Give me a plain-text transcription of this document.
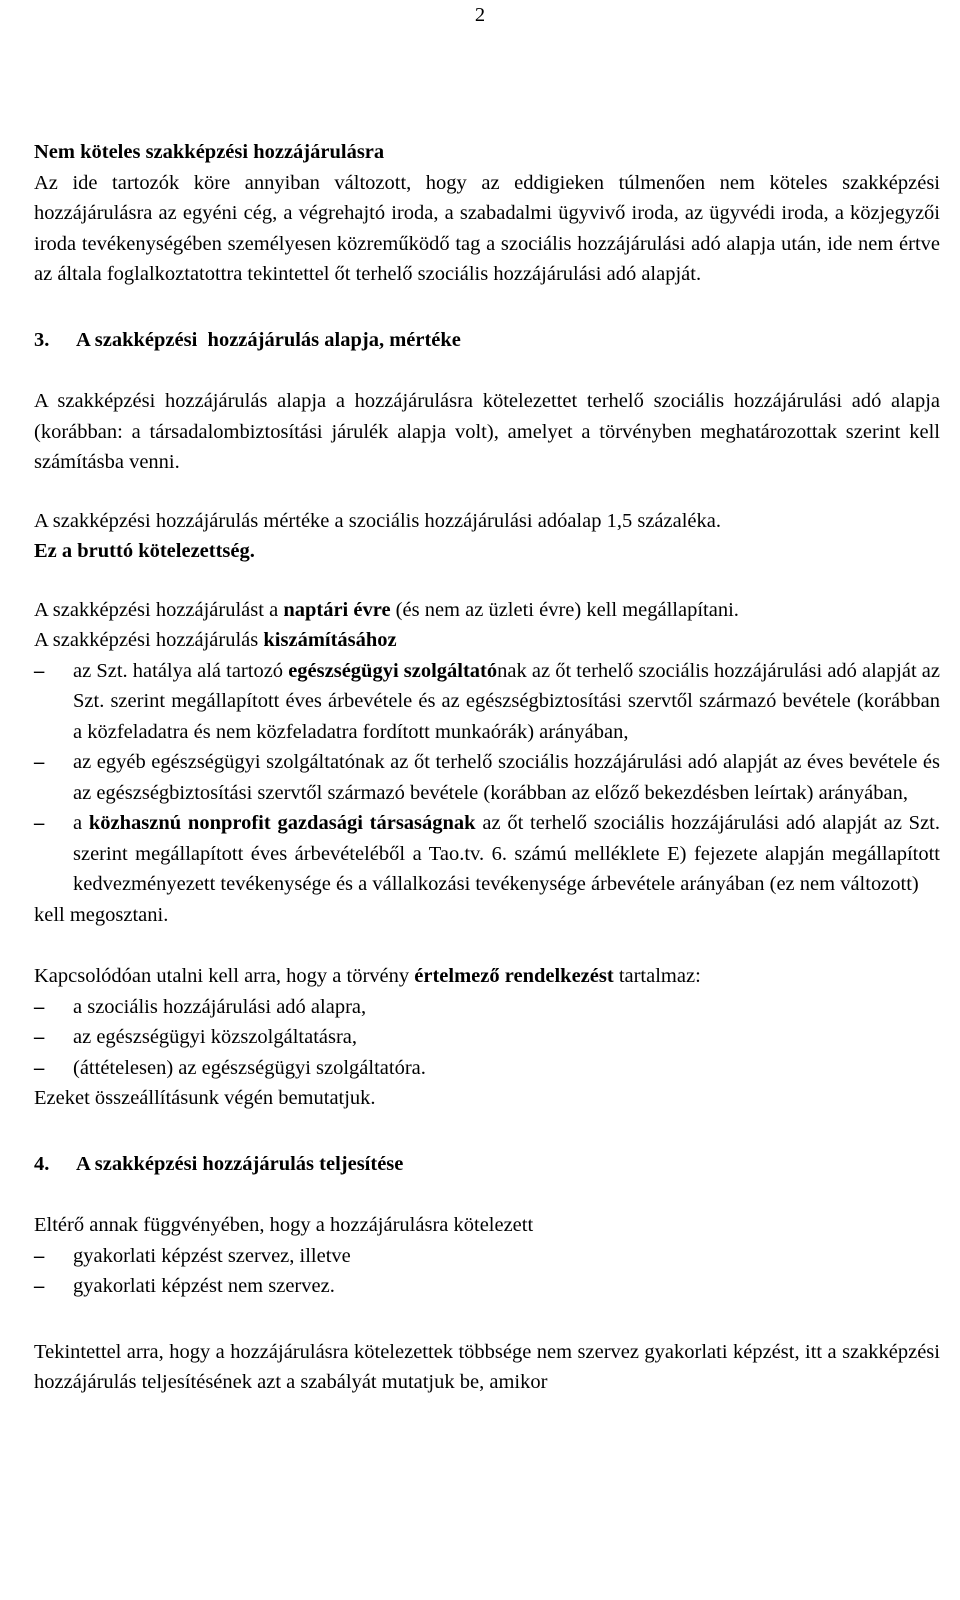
2

Nem köteles szakképzési hozzájárulásra

Az ide tartozók köre annyiban változott, hogy az eddigieken túlmenően nem köteles szakképzési hozzájárulásra az egyéni cég, a végrehajtó iroda, a szabadalmi ügyvivő iroda, az ügyvédi iroda, a közjegyzői iroda tevékenységében személyesen közreműködő tag a szociális hozzájárulási adó alapja után, ide nem értve az általa foglalkoztatottra tekintettel őt terhelő szociális hozzájárulási adó alapját.

3. A szakképzési  hozzájárulás alapja, mértéke

A szakképzési hozzájárulás alapja a hozzájárulásra kötelezettet terhelő szociális hozzájárulási adó alapja (korábban: a társadalombiztosítási járulék alapja volt), amelyet a törvényben meghatározottak szerint kell számításba venni.

A szakképzési hozzájárulás mértéke a szociális hozzájárulási adóalap 1,5 százaléka.
Ez a bruttó kötelezettség.

A szakképzési hozzájárulást a naptári évre (és nem az üzleti évre) kell megállapítani.

A szakképzési hozzájárulás kiszámításához

– az Szt. hatálya alá tartozó egészségügyi szolgáltatónak az őt terhelő szociális hozzájárulási adó alapját az Szt. szerint megállapított éves árbevétele és az egészségbiztosítási szervtől származó bevétele (korábban a közfeladatra és nem közfeladatra fordított munkaórák) arányában,
– az egyéb egészségügyi szolgáltatónak az őt terhelő szociális hozzájárulási adó alapját az éves bevétele és az egészségbiztosítási szervtől származó bevétele (korábban az előző bekezdésben leírtak) arányában,
– a közhasznú nonprofit gazdasági társaságnak az őt terhelő szociális hozzájárulási adó alapját az Szt. szerint megállapított éves árbevételéből a Tao.tv. 6. számú melléklete E) fejezete alapján megállapított kedvezményezett tevékenysége és a vállalkozási tevékenysége árbevétele arányában (ez nem változott)

kell megosztani.

Kapcsolódóan utalni kell arra, hogy a törvény értelmező rendelkezést tartalmaz:

– a szociális hozzájárulási adó alapra,
– az egészségügyi közszolgáltatásra,
– (áttételesen) az egészségügyi szolgáltatóra.

Ezeket összeállításunk végén bemutatjuk.

4. A szakképzési hozzájárulás teljesítése

Eltérő annak függvényében, hogy a hozzájárulásra kötelezett

– gyakorlati képzést szervez, illetve
– gyakorlati képzést nem szervez.

Tekintettel arra, hogy a hozzájárulásra kötelezettek többsége nem szervez gyakorlati képzést, itt a szakképzési hozzájárulás teljesítésének azt a szabályát mutatjuk be, amikor
